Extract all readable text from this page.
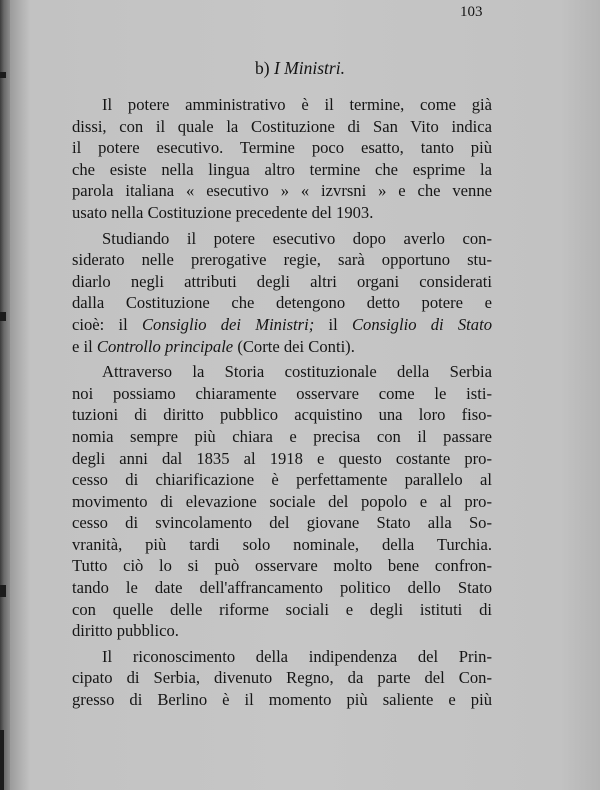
103
b) I Ministri.
Il potere amministrativo è il termine, come già
dissi, con il quale la Costituzione di San Vito indica
il potere esecutivo. Termine poco esatto, tanto più
che esiste nella lingua altro termine che esprime la
parola italiana « esecutivo » « izvrsni » e che venne
usato nella Costituzione precedente del 1903.
Studiando il potere esecutivo dopo averlo con-
siderato nelle prerogative regie, sarà opportuno stu-
diarlo negli attributi degli altri organi considerati
dalla Costituzione che detengono detto potere e
cioè: il Consiglio dei Ministri; il Consiglio di Stato
e il Controllo principale (Corte dei Conti).
Attraverso la Storia costituzionale della Serbia
noi possiamo chiaramente osservare come le isti-
tuzioni di diritto pubblico acquistino una loro fiso-
nomia sempre più chiara e precisa con il passare
degli anni dal 1835 al 1918 e questo costante pro-
cesso di chiarificazione è perfettamente parallelo al
movimento di elevazione sociale del popolo e al pro-
cesso di svincolamento del giovane Stato alla So-
vranità, più tardi solo nominale, della Turchia.
Tutto ciò lo si può osservare molto bene confron-
tando le date dell'affrancamento politico dello Stato
con quelle delle riforme sociali e degli istituti di
diritto pubblico.
Il riconoscimento della indipendenza del Prin-
cipato di Serbia, divenuto Regno, da parte del Con-
gresso di Berlino è il momento più saliente e più
